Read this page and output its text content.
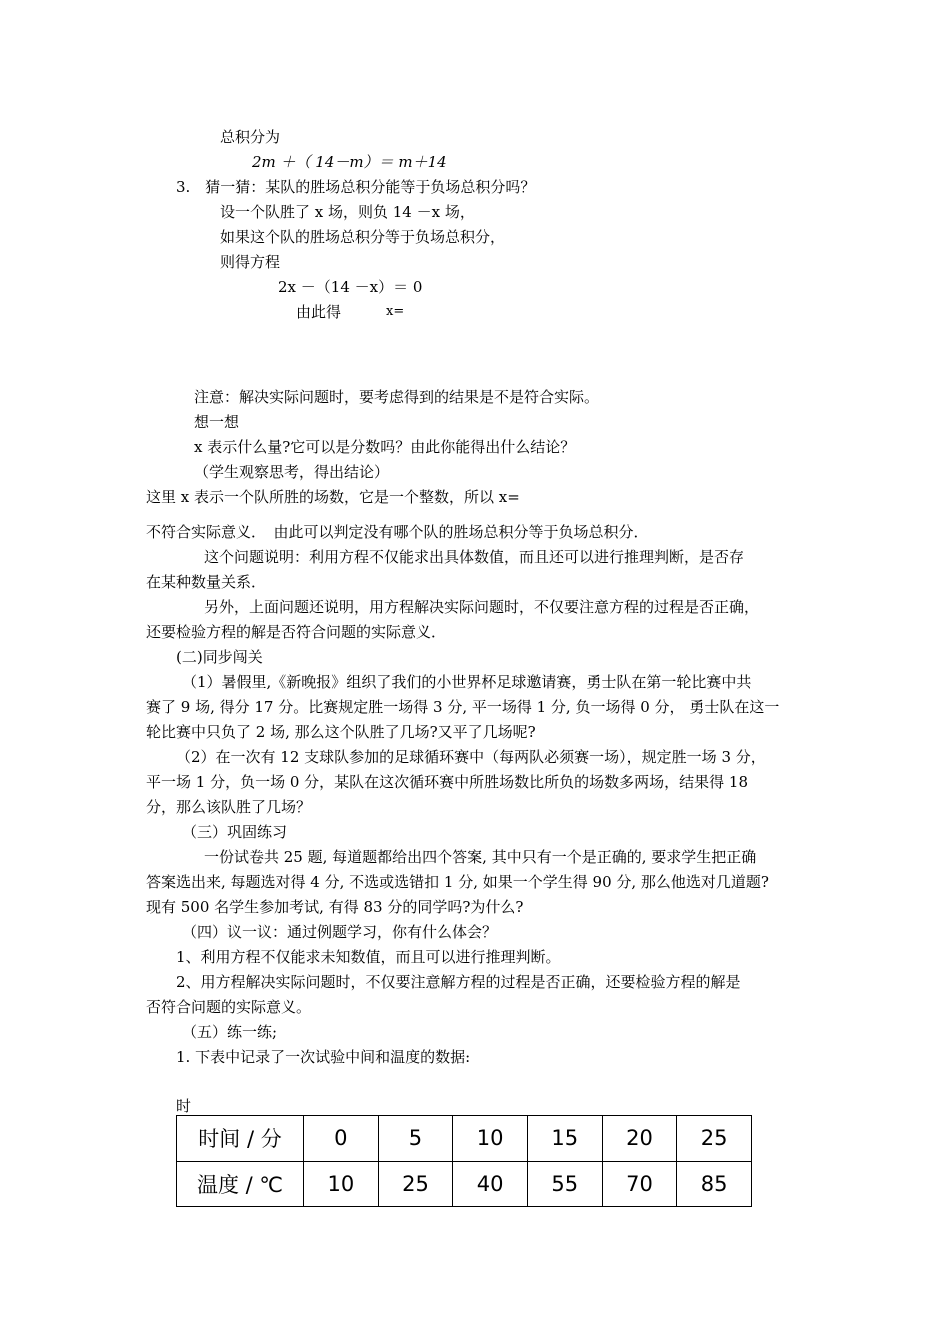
总积分为
2m ＋（ 14－m）＝ m＋14
3.　猜一猜：某队的胜场总积分能等于负场总积分吗？
设一个队胜了 x 场，则负 14 －x 场，
如果这个队的胜场总积分等于负场总积分，
则得方程
2x －（14 －x）＝ 0
由此得	x=
注意：解决实际问题时，要考虑得到的结果是不是符合实际。
想一想
x 表示什么量?它可以是分数吗？由此你能得出什么结论？
（学生观察思考，得出结论）
这里 x 表示一个队所胜的场数，它是一个整数，所以 x=
不符合实际意义．　由此可以判定没有哪个队的胜场总积分等于负场总积分．
这个问题说明：利用方程不仅能求出具体数值，而且还可以进行推理判断，是否存
在某种数量关系．
另外，上面问题还说明，用方程解决实际问题时，不仅要注意方程的过程是否正确，
还要检验方程的解是否符合问题的实际意义．
(二)同步闯关
（1）暑假里,《新晚报》组织了我们的小世界杯足球邀请赛，勇士队在第一轮比赛中共
赛了 9 场, 得分 17 分。比赛规定胜一场得 3 分, 平一场得 1 分, 负一场得 0 分， 勇士队在这一
轮比赛中只负了 2 场, 那么这个队胜了几场?又平了几场呢?
（2）在一次有 12 支球队参加的足球循环赛中（每两队必须赛一场），规定胜一场 3 分，
平一场 1 分，负一场 0 分，某队在这次循环赛中所胜场数比所负的场数多两场，结果得 18
分，那么该队胜了几场？
（三）巩固练习
一份试卷共 25 题, 每道题都给出四个答案, 其中只有一个是正确的, 要求学生把正确
答案选出来, 每题选对得 4 分, 不选或选错扣 1 分, 如果一个学生得 90 分, 那么他选对几道题?
现有 500 名学生参加考试, 有得 83 分的同学吗?为什么?
（四）议一议：通过例题学习，你有什么体会？
1、利用方程不仅能求未知数值，而且可以进行推理判断。
2、用方程解决实际问题时，不仅要注意解方程的过程是否正确，还要检验方程的解是
否符合问题的实际意义。
（五）练一练;
1. 下表中记录了一次试验中间和温度的数据:
时
时间 / 分	0	5	10	15	20	25
温度 / ℃	10	25	40	55	70	85
